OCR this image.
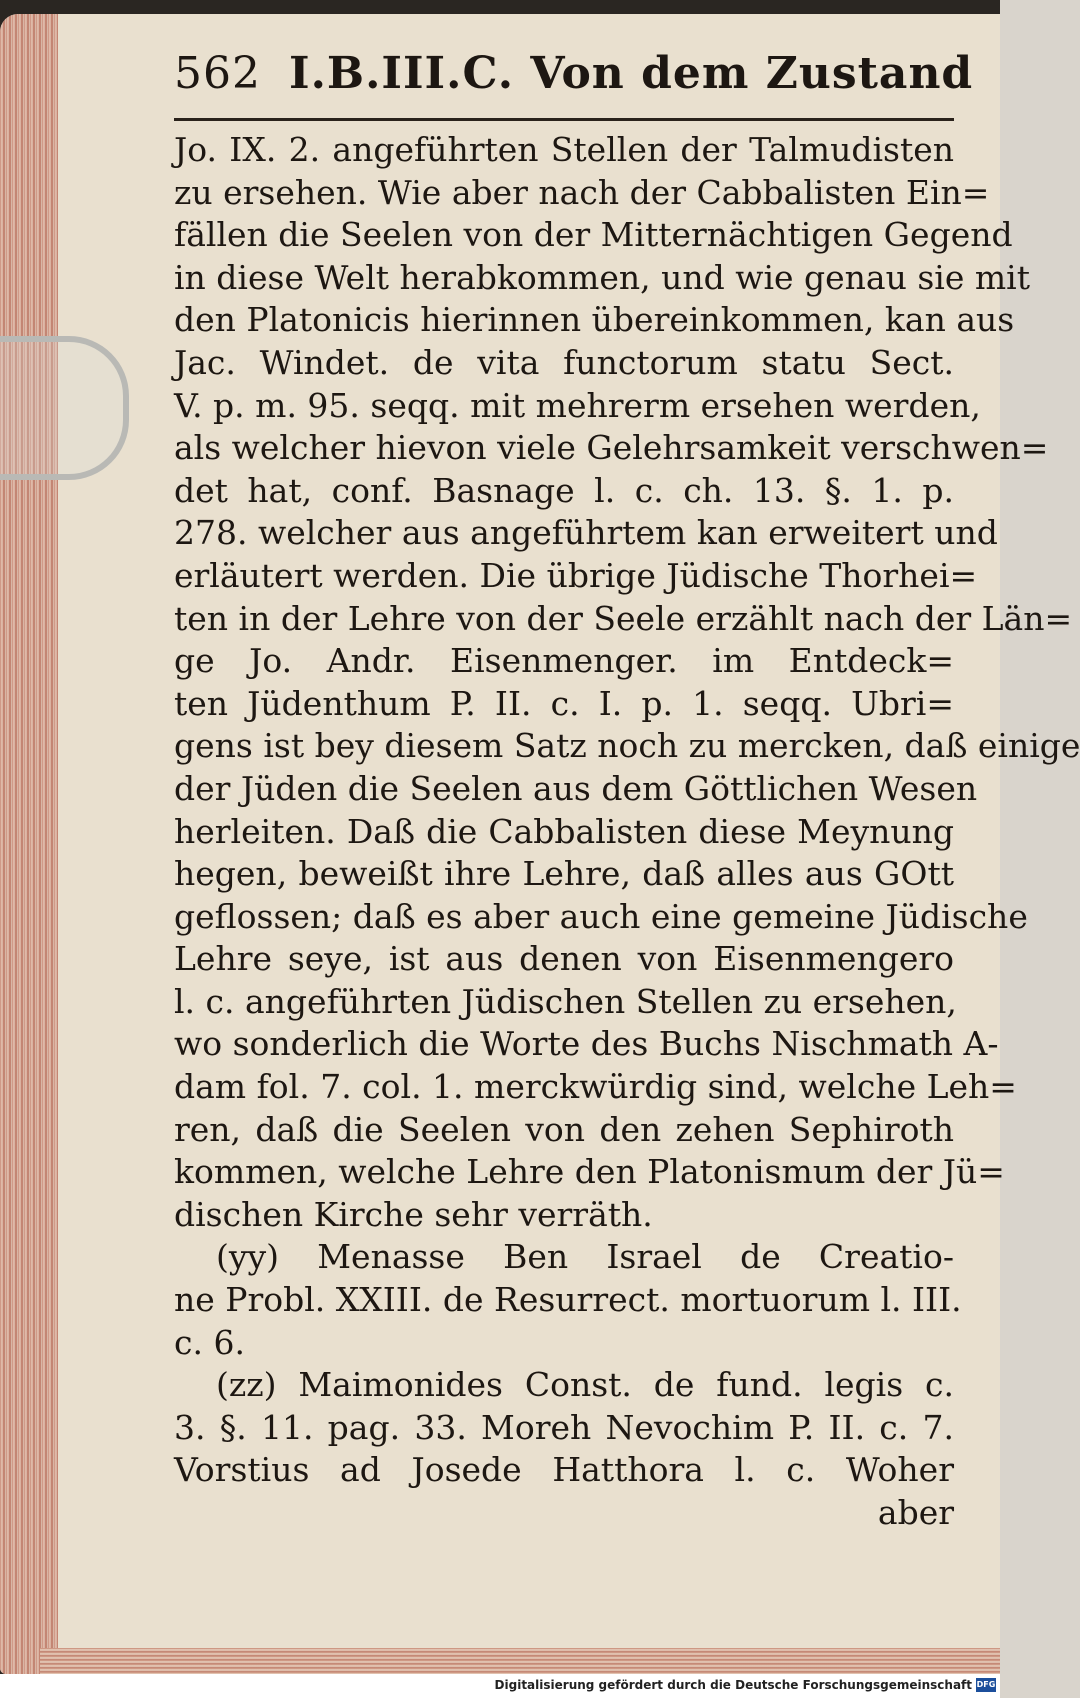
562 I.B.III.C. Von dem Zustand
Jo. IX. 2. angeführten Stellen der Talmudisten
zu ersehen. Wie aber nach der Cabbalisten Ein=
fällen die Seelen von der Mitternächtigen Gegend
in diese Welt herabkommen, und wie genau sie mit
den Platonicis hierinnen übereinkommen, kan aus
Jac. Windet. de vita functorum statu Sect.
V. p. m. 95. seqq. mit mehrerm ersehen werden,
als welcher hievon viele Gelehrsamkeit verschwen=
det hat, conf. Basnage l. c. ch. 13. §. 1. p.
278. welcher aus angeführtem kan erweitert und
erläutert werden. Die übrige Jüdische Thorhei=
ten in der Lehre von der Seele erzählt nach der Län=
ge Jo. Andr. Eisenmenger. im Entdeck=
ten Jüdenthum P. II. c. I. p. 1. seqq. Ubri=
gens ist bey diesem Satz noch zu mercken, daß einige
der Jüden die Seelen aus dem Göttlichen Wesen
herleiten. Daß die Cabbalisten diese Meynung
hegen, beweißt ihre Lehre, daß alles aus GOtt
geflossen; daß es aber auch eine gemeine Jüdische
Lehre seye, ist aus denen von Eisenmengero
l. c. angeführten Jüdischen Stellen zu ersehen,
wo sonderlich die Worte des Buchs Nischmath A-
dam fol. 7. col. 1. merckwürdig sind, welche Leh=
ren, daß die Seelen von den zehen Sephiroth
kommen, welche Lehre den Platonismum der Jü=
dischen Kirche sehr verräth.
(yy) Menasse Ben Israel de Creatio-
ne Probl. XXIII. de Resurrect. mortuorum l. III.
c. 6.
(zz) Maimonides Const. de fund. legis c.
3. §. 11. pag. 33. Moreh Nevochim P. II. c. 7.
Vorstius ad Josede Hatthora l. c. Woher
aber
Digitalisierung gefördert durch die Deutsche Forschungsgemeinschaft DFG
